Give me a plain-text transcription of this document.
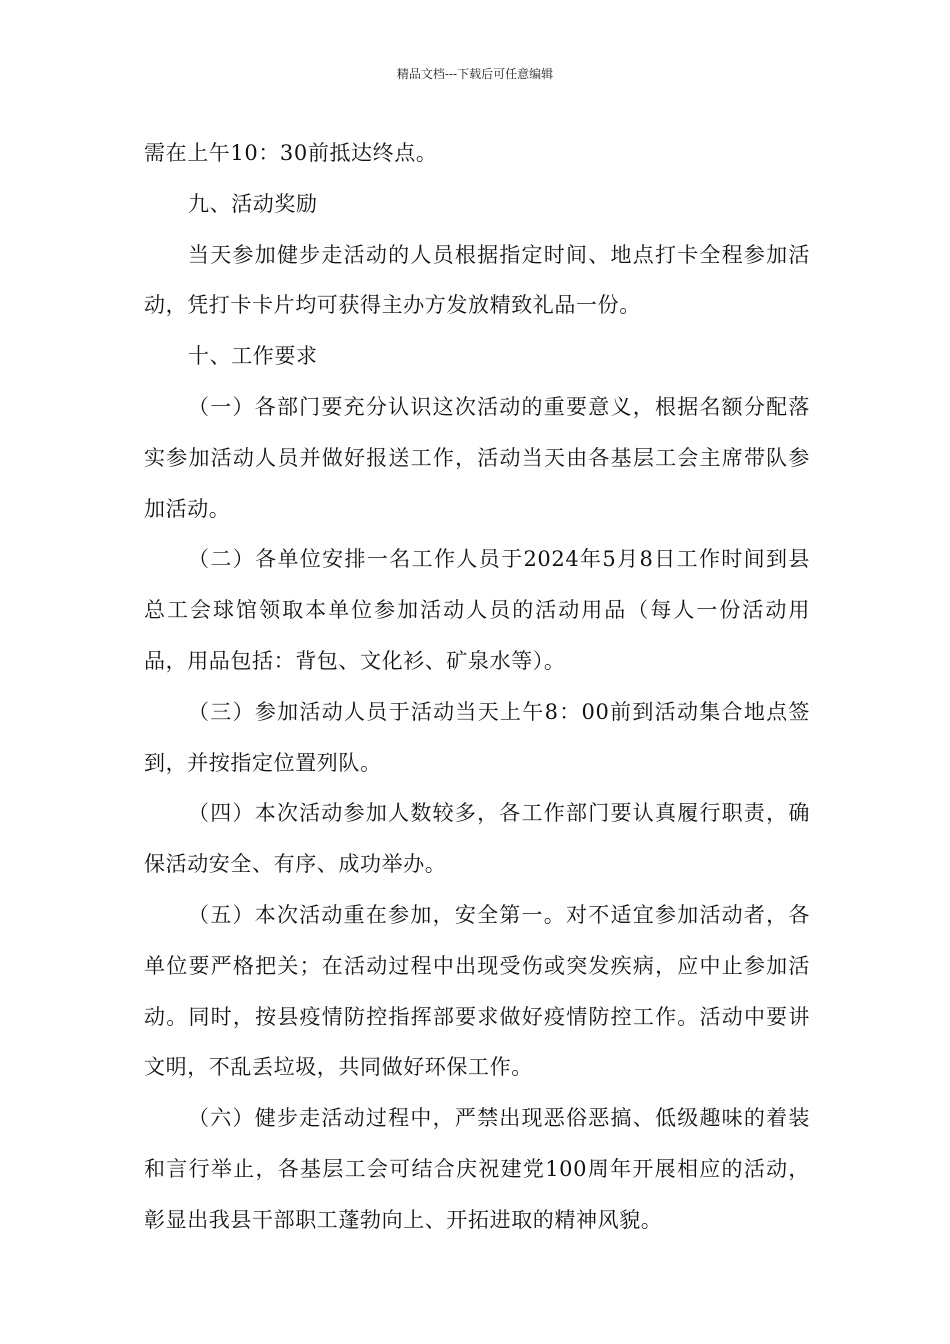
精品文档---下载后可任意编辑

需在上午10：30前抵达终点。

九、活动奖励

当天参加健步走活动的人员根据指定时间、地点打卡全程参加活动，凭打卡卡片均可获得主办方发放精致礼品一份。

十、工作要求

（一）各部门要充分认识这次活动的重要意义，根据名额分配落实参加活动人员并做好报送工作，活动当天由各基层工会主席带队参加活动。

（二）各单位安排一名工作人员于2024年5月8日工作时间到县总工会球馆领取本单位参加活动人员的活动用品（每人一份活动用品，用品包括：背包、文化衫、矿泉水等）。

（三）参加活动人员于活动当天上午8：00前到活动集合地点签到，并按指定位置列队。

（四）本次活动参加人数较多，各工作部门要认真履行职责，确保活动安全、有序、成功举办。

（五）本次活动重在参加，安全第一。对不适宜参加活动者，各单位要严格把关；在活动过程中出现受伤或突发疾病，应中止参加活动。同时，按县疫情防控指挥部要求做好疫情防控工作。活动中要讲文明，不乱丢垃圾，共同做好环保工作。

（六）健步走活动过程中，严禁出现恶俗恶搞、低级趣味的着装和言行举止，各基层工会可结合庆祝建党100周年开展相应的活动，彰显出我县干部职工蓬勃向上、开拓进取的精神风貌。
